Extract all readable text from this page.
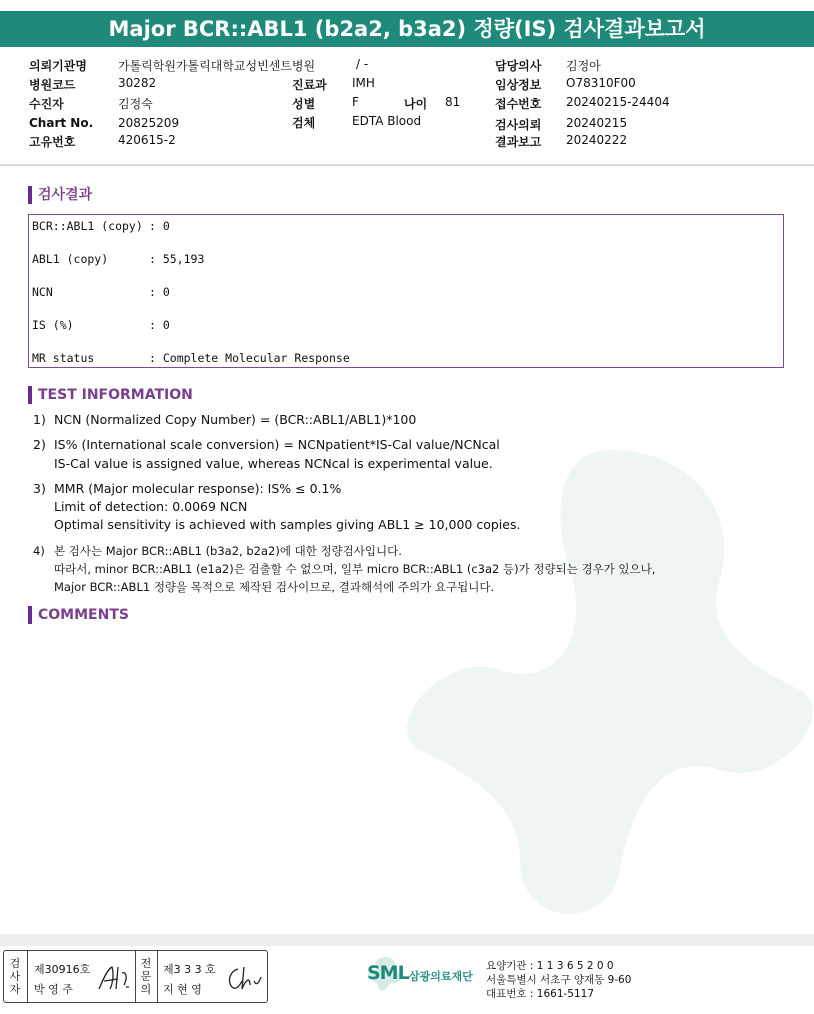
Major BCR::ABL1 (b2a2, b3a2) 정량(IS) 검사결과보고서
의뢰기관명	가톨릭학원가톨릭대학교성빈센트병원	/ -
병원코드	30282	진료과 IMH
수진자	김정숙	성별	F	나이 81
Chart No. 20825209	검체	EDTA Blood
고유번호	420615-2
담당의사 김정아
임상정보 O78310F00
접수번호 20240215-24404
검사의뢰 20240215
결과보고 20240222
검사결과
BCR::ABL1 (copy) : 0
ABL1 (copy)	: 55,193
NCN	: 0
IS (%)	: 0
MR status	: Complete Molecular Response
TEST INFORMATION
1) NCN (Normalized Copy Number) = (BCR::ABL1/ABL1)*100
2) IS% (International scale conversion) = NCNpatient*IS-Cal value/NCNcal
IS-Cal value is assigned value, whereas NCNcal is experimental value.
3) MMR (Major molecular response): IS% ≤ 0.1%
Limit of detection: 0.0069 NCN
Optimal sensitivity is achieved with samples giving ABL1 ≥ 10,000 copies.
4) 본 검사는 Major BCR::ABL1 (b3a2, b2a2)에 대한 정량검사입니다.
따라서, minor BCR::ABL1 (e1a2)은 검출할 수 없으며, 일부 micro BCR::ABL1 (c3a2 등)가 정량되는 경우가 있으나,
Major BCR::ABL1 정량을 목적으로 제작된 검사이므로, 결과해석에 주의가 요구됩니다.
COMMENTS
검
사
자
제30916호
박 영 주
전
문
의
제3 3 3 호
지 현 영
SML 삼광의료재단
요양기관 : 1 1 3 6 5 2 0 0
서울특별시 서초구 양재동 9-60
대표번호 : 1661-5117
